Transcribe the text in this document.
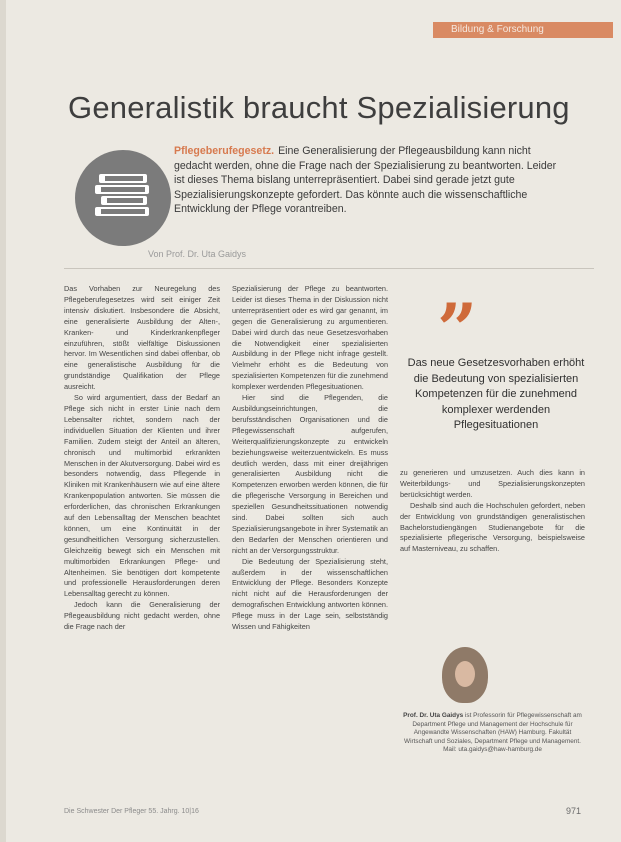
Bildung & Forschung
Generalistik braucht Spezialisierung
Pflegeberufegesetz. Eine Generalisierung der Pflegeausbildung kann nicht gedacht werden, ohne die Frage nach der Spezialisierung zu beantworten. Leider ist dieses Thema bislang unterrepräsentiert. Dabei sind gerade jetzt gute Spezialisierungskonzepte gefordert. Das könnte auch die wissenschaftliche Entwicklung der Pflege vorantreiben.
Von Prof. Dr. Uta Gaidys

Das Vorhaben zur Neuregelung des Pflegeberufegesetzes wird seit einiger Zeit intensiv diskutiert. Insbesondere die Absicht, eine generalisierte Ausbildung der Alten-, Kranken- und Kinderkrankenpfleger einzuführen, stößt vielfältige Diskussionen hervor. Im Wesentlichen sind dabei offenbar, ob eine generalistische Ausbildung für die grundständige Qualifikation der Pflege ausreicht.

So wird argumentiert, dass der Bedarf an Pflege sich nicht in erster Linie nach dem Lebensalter richtet, sondern nach der individuellen Situation der Klienten und ihrer Familien. Zudem steigt der Anteil an älteren, chronisch und multimorbid erkrankten Menschen in der Akutversorgung. Dabei wird es besonders notwendig, dass Pflegende in Kliniken mit Krankenhäusern wie auf eine ältere Krankenpopulation antworten. Sie müssen die erforderlichen, das chronischen Erkrankungen auf den Lebensalltag der Menschen beachtet können, um eine Kontinuität in der gesundheitlichen Versorgung sicherzustellen. Gleichzeitig bewegt sich ein Menschen mit multimorbiden Erkrankungen Pflege- und Altenheimen. Sie benötigen dort kompetente und professionelle Herausforderungen deren Lebensalltag gerecht zu können.

Jedoch kann die Generalisierung der Pflegeausbildung nicht gedacht werden, ohne die Frage nach der

Spezialisierung der Pflege zu beantworten. Leider ist dieses Thema in der Diskussion nicht unterrepräsentiert oder es wird gar genannt, im gegen die Generalisierung zu argumentieren. Dabei wird durch das neue Gesetzesvorhaben die Notwendigkeit einer spezialisierten Ausbildung in der Pflege nicht infrage gestellt. Vielmehr erhöht es die Bedeutung von spezialisierten Kompetenzen für die zunehmend komplexer werdenden Pflegesituationen.

Hier sind die Pflegenden, die Ausbildungseinrichtungen, die berufsständischen Organisationen und die Pflegewissenschaft aufgerufen, Weiterqualifizierungskonzepte zu entwickeln beziehungsweise weiterzuentwickeln. Es muss deutlich werden, dass mit einer dreijährigen generalisierten Ausbildung nicht die Kompetenzen erworben werden können, die für die pflegerische Versorgung in Bereichen und speziellen Gesundheitssituationen notwendig sind. Dabei sollten sich auch Spezialisierungsangebote in ihrer Systematik an den Bedarfen der Menschen orientieren und nicht an der Versorgungsstruktur.

Die Bedeutung der Spezialisierung steht, außerdem in der wissenschaftlichen Entwicklung der Pflege. Besonders Konzepte nicht nicht auf die Herausforderungen der demografischen Entwicklung antworten können. Pflege muss in der Lage sein, selbstständig Wissen und Fähigkeiten

”
Das neue Gesetzesvorhaben erhöht die Bedeutung von spezialisierten Kompetenzen für die zunehmend komplexer werdenden Pflegesituationen

zu generieren und umzusetzen. Auch dies kann in Weiterbildungs- und Spezialisierungskonzepten berücksichtigt werden.

Deshalb sind auch die Hochschulen gefordert, neben der Entwicklung von grundständigen generalistischen Bachelorstudiengängen Studienangebote für die spezialisierte pflegerische Versorgung, beispielsweise auf Masterniveau, zu schaffen.

Prof. Dr. Uta Gaidys ist Professorin für Pflegewissenschaft am Department Pflege und Management der Hochschule für Angewandte Wissenschaften (HAW) Hamburg. Fakultät Wirtschaft und Soziales, Department Pflege und Management. Mail: uta.gaidys@haw-hamburg.de
Die Schwester Der Pfleger 55. Jahrg. 10|16	971
